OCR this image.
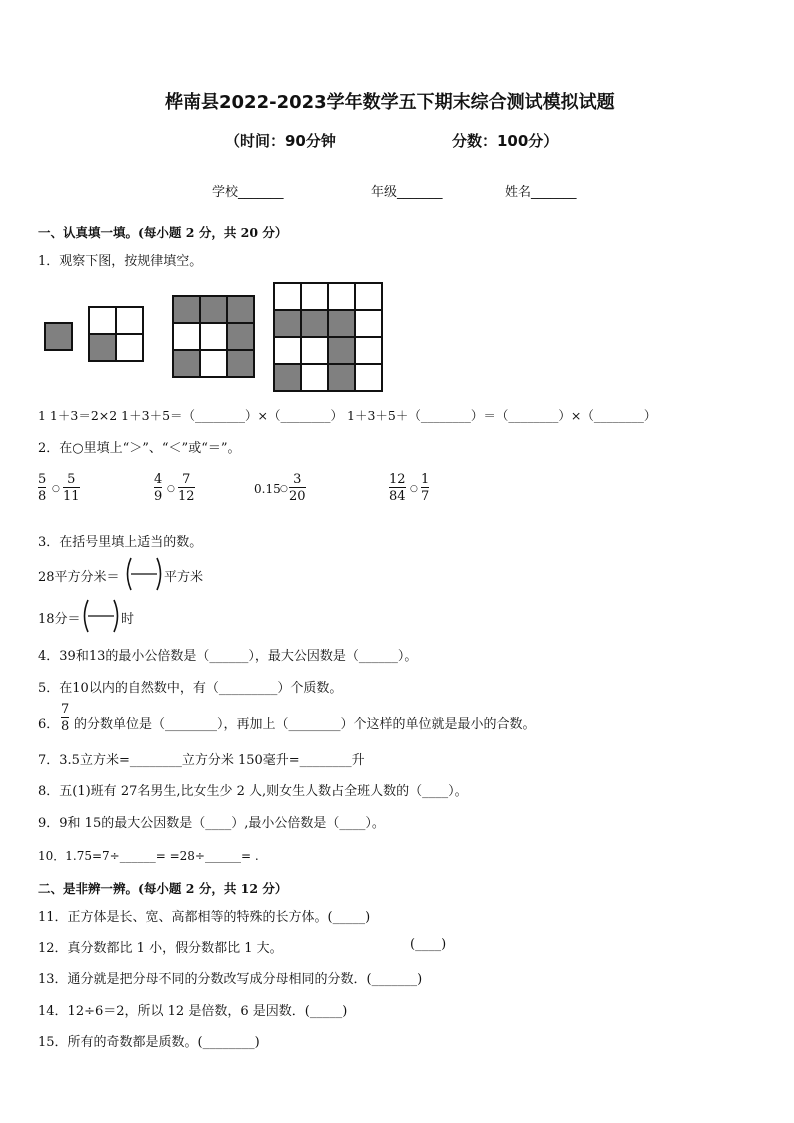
桦南县2022-2023学年数学五下期末综合测试模拟试题
（时间：90分钟	分数：100分）
学校_______	年级_______	姓名_______
一、认真填一填。(每小题 2 分，共 20 分）
1．观察下图，按规律填空。
1 1＋3＝2×2 1＋3＋5＝（________）×（________） 1＋3＋5＋（________）＝（________）×（________）
2．在○里填上“＞”、“＜”或“＝”。
5
8 ○
5
11
4
9 ○
7
12	0.15 ○
3
20
12
84 ○
1
7
3．在括号里填上适当的数。
28平方分米＝	平方米
18分＝	时
4．39和13的最小公倍数是（______），最大公因数是（______）。
5．在10以内的自然数中，有（_________）个质数。
6．
7
8 的分数单位是（________），再加上（________）个这样的单位就是最小的合数。
7．3.5立方米=________立方分米 150毫升=________升
8．五(1)班有 27名男生,比女生少 2 人,则女生人数占全班人数的（____）。
9．9和 15的最大公因数是（____）,最小公倍数是（____）。
10．1.75=7÷______= =28÷______= .
二、是非辨一辨。(每小题 2 分，共 12 分）
11．正方体是长、宽、高都相等的特殊的长方体。(_____)
12．真分数都比 1 小，假分数都比 1 大。	(____)
13．通分就是把分母不同的分数改写成分母相同的分数．(_______)
14．12÷6＝2，所以 12 是倍数，6 是因数．(_____)
15．所有的奇数都是质数。(________)
